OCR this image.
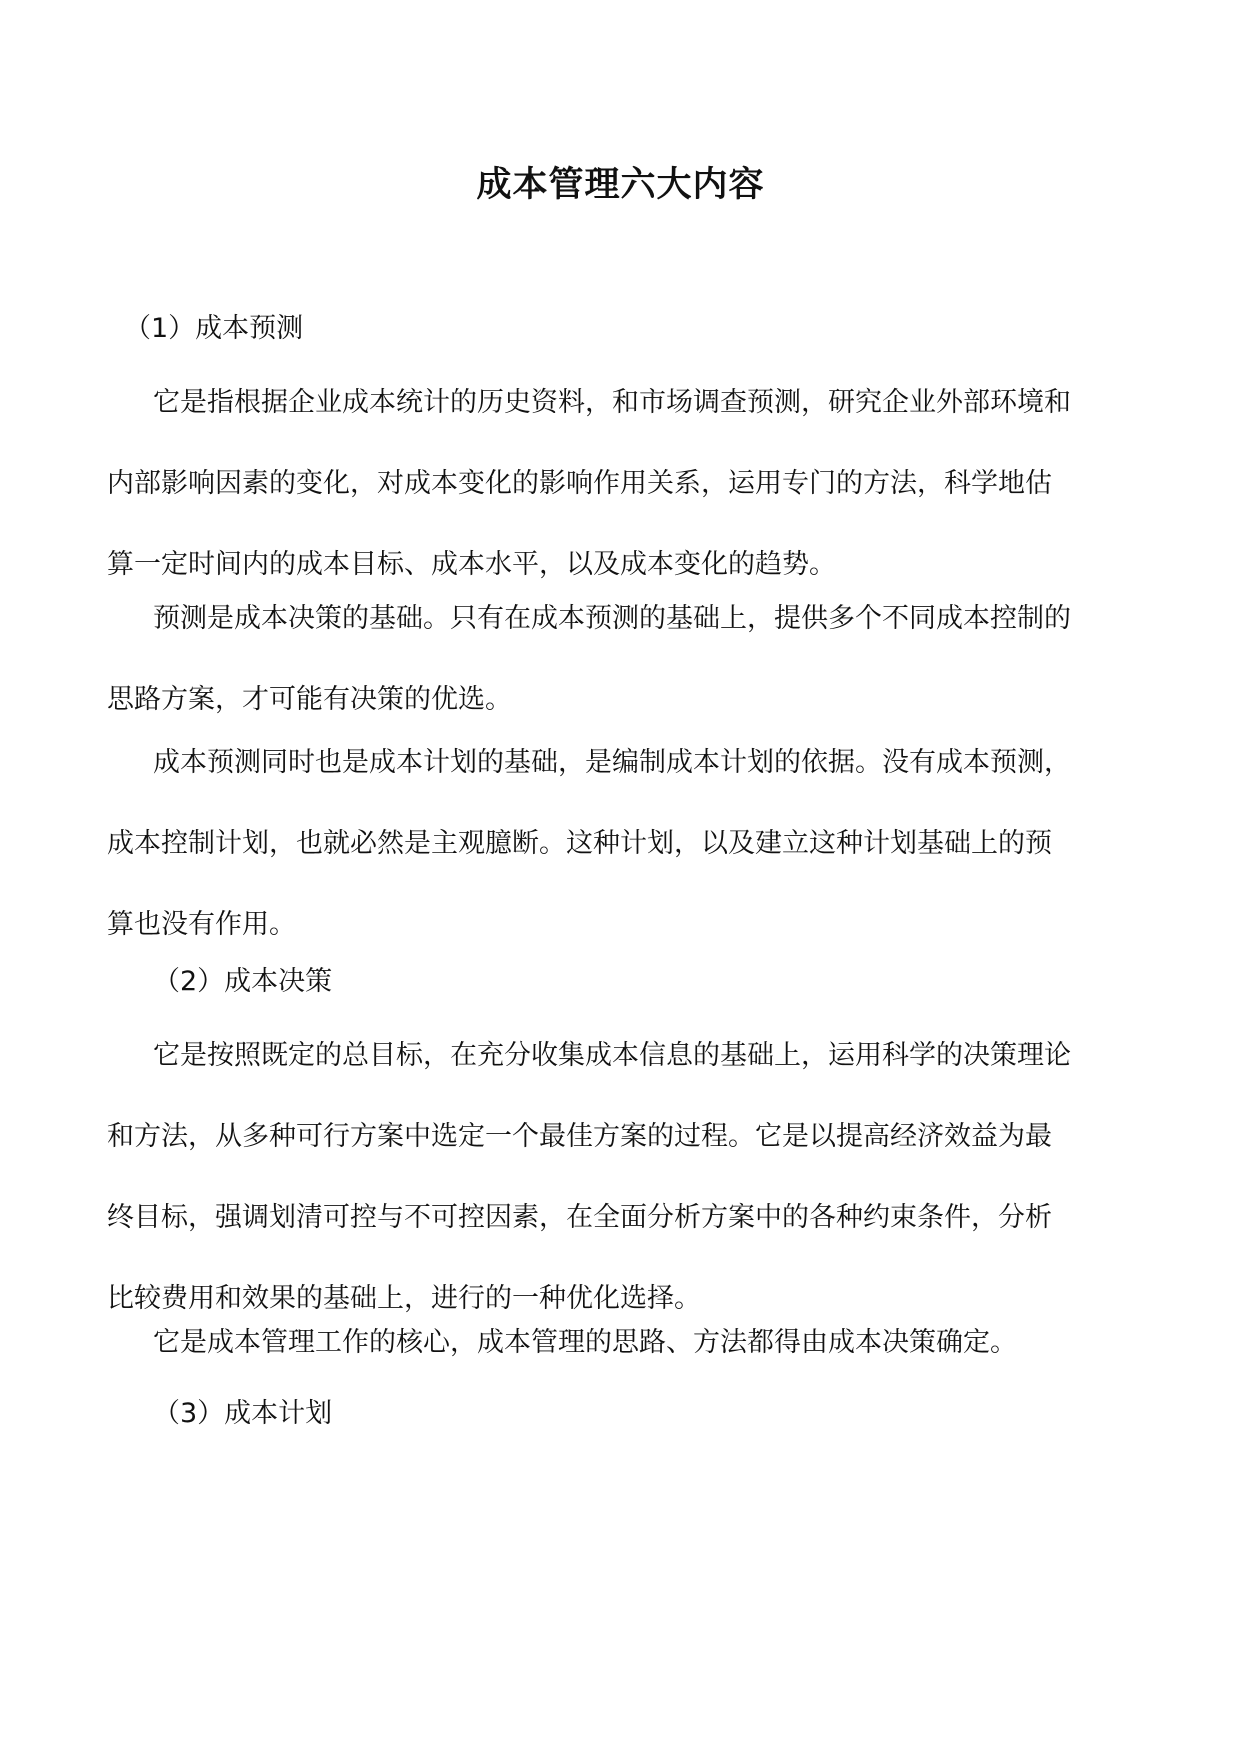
成本管理六大内容
（1）成本预测
它是指根据企业成本统计的历史资料，和市场调查预测，研究企业外部环境和
内部影响因素的变化，对成本变化的影响作用关系，运用专门的方法，科学地估
算一定时间内的成本目标、成本水平，以及成本变化的趋势。
预测是成本决策的基础。只有在成本预测的基础上，提供多个不同成本控制的
思路方案，才可能有决策的优选。
成本预测同时也是成本计划的基础，是编制成本计划的依据。没有成本预测，
成本控制计划，也就必然是主观臆断。这种计划，以及建立这种计划基础上的预
算也没有作用。
（2）成本决策
它是按照既定的总目标，在充分收集成本信息的基础上，运用科学的决策理论
和方法，从多种可行方案中选定一个最佳方案的过程。它是以提高经济效益为最
终目标，强调划清可控与不可控因素，在全面分析方案中的各种约束条件，分析
比较费用和效果的基础上，进行的一种优化选择。
它是成本管理工作的核心，成本管理的思路、方法都得由成本决策确定。
（3）成本计划
